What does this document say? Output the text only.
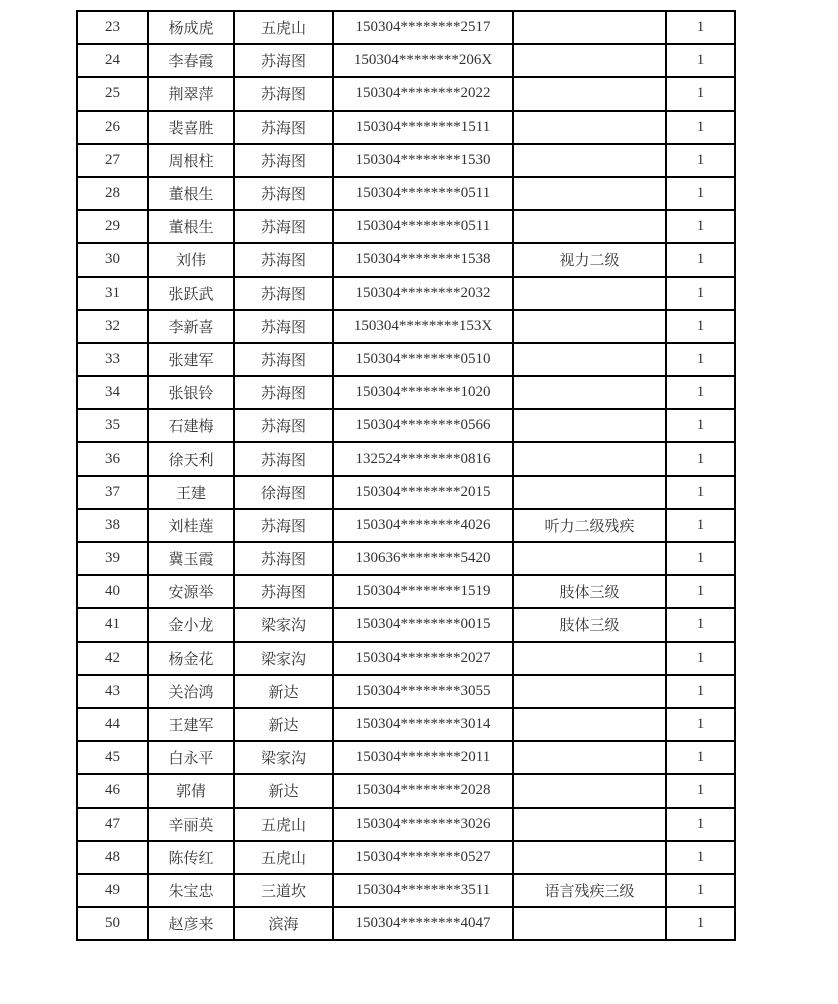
23	杨成虎	五虎山	150304********2517		1
24	李春霞	苏海图	150304********206X		1
25	荆翠萍	苏海图	150304********2022		1
26	裴喜胜	苏海图	150304********1511		1
27	周根柱	苏海图	150304********1530		1
28	董根生	苏海图	150304********0511		1
29	董根生	苏海图	150304********0511		1
30	刘伟	苏海图	150304********1538	视力二级	1
31	张跃武	苏海图	150304********2032		1
32	李新喜	苏海图	150304********153X		1
33	张建军	苏海图	150304********0510		1
34	张银铃	苏海图	150304********1020		1
35	石建梅	苏海图	150304********0566		1
36	徐天利	苏海图	132524********0816		1
37	王建	徐海图	150304********2015		1
38	刘桂莲	苏海图	150304********4026	听力二级残疾	1
39	冀玉霞	苏海图	130636********5420		1
40	安源举	苏海图	150304********1519	肢体三级	1
41	金小龙	梁家沟	150304********0015	肢体三级	1
42	杨金花	梁家沟	150304********2027		1
43	关治鸿	新达	150304********3055		1
44	王建军	新达	150304********3014		1
45	白永平	梁家沟	150304********2011		1
46	郭倩	新达	150304********2028		1
47	辛丽英	五虎山	150304********3026		1
48	陈传红	五虎山	150304********0527		1
49	朱宝忠	三道坎	150304********3511	语言残疾三级	1
50	赵彦来	滨海	150304********4047		1
